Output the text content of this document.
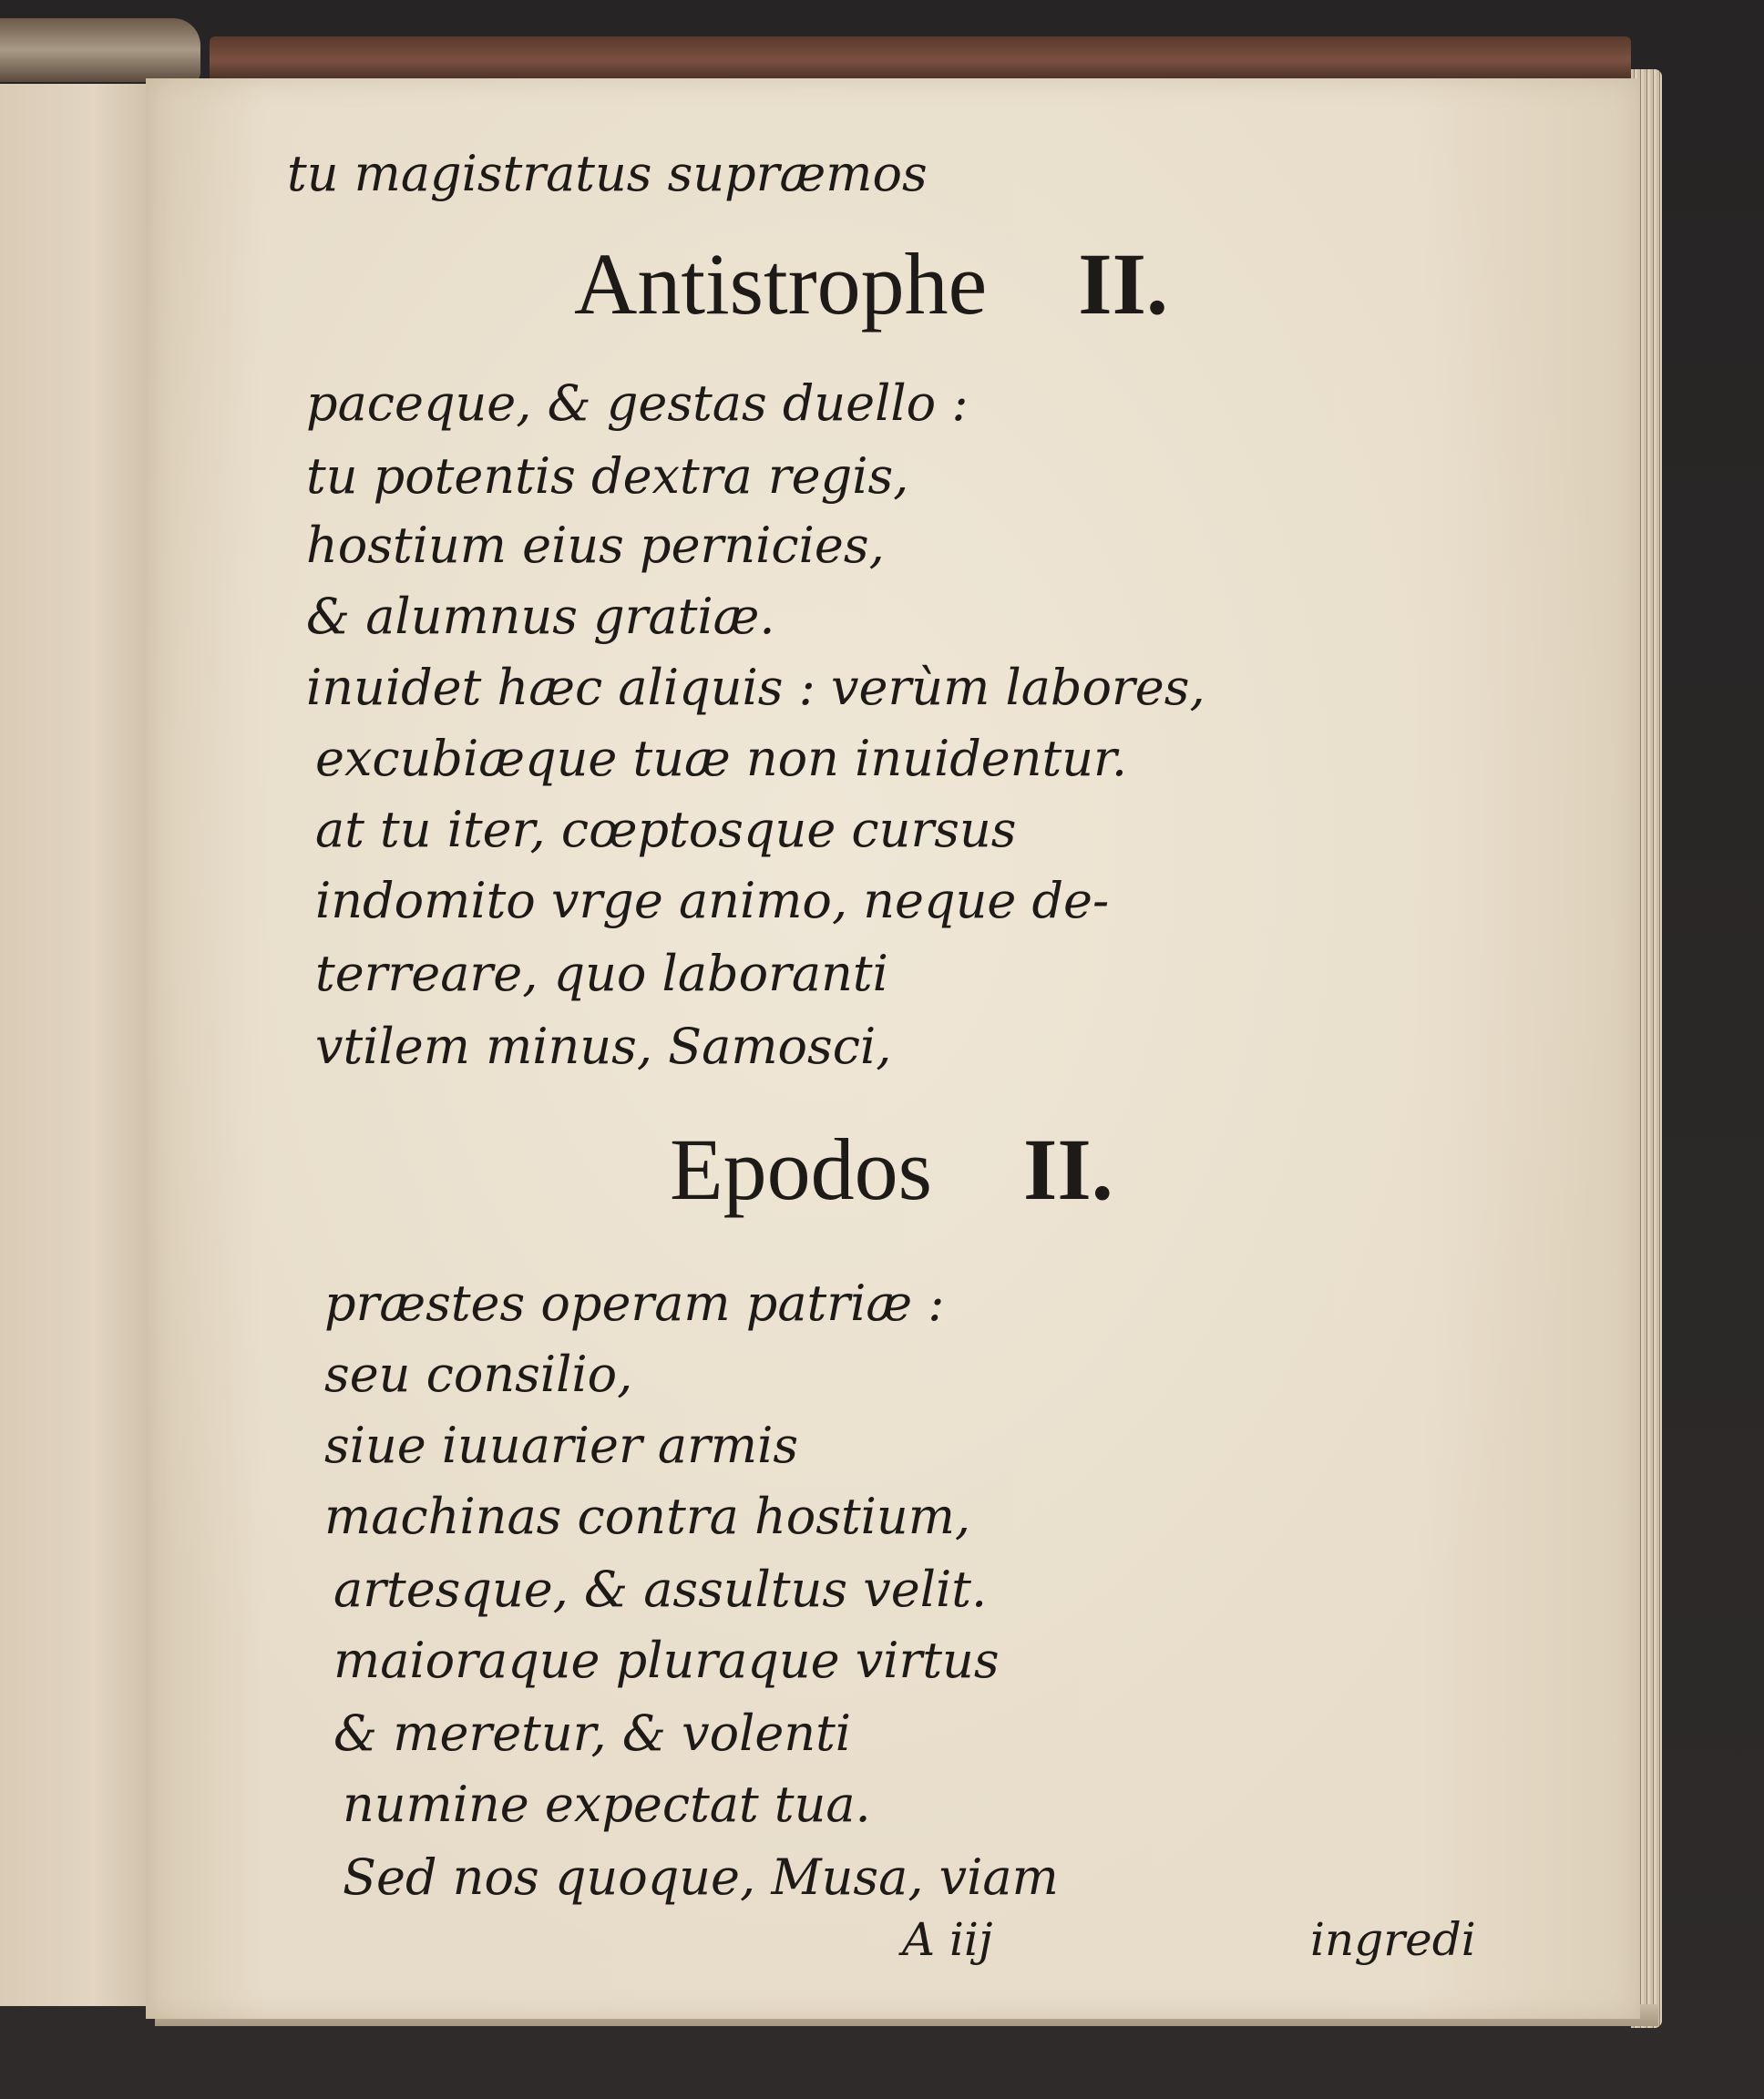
tu magistratus supræmos
Antistrophe II.
paceque, & gestas duello :
tu potentis dextra regis,
hostium eius pernicies,
& alumnus gratiæ.
inuidet hæc aliquis : verùm labores,
excubiæque tuæ non inuidentur.
at tu iter, cœptosque cursus
indomito vrge animo, neque de-
terreare, quo laboranti
vtilem minus, Samosci,
Epodos II.
præstes operam patriæ :
seu consilio,
siue iuuarier armis
machinas contra hostium,
artesque, & assultus velit.
maioraque pluraque virtus
& meretur, & volenti
numine expectat tua.
Sed nos quoque, Musa, viam
A iij	ingredi
